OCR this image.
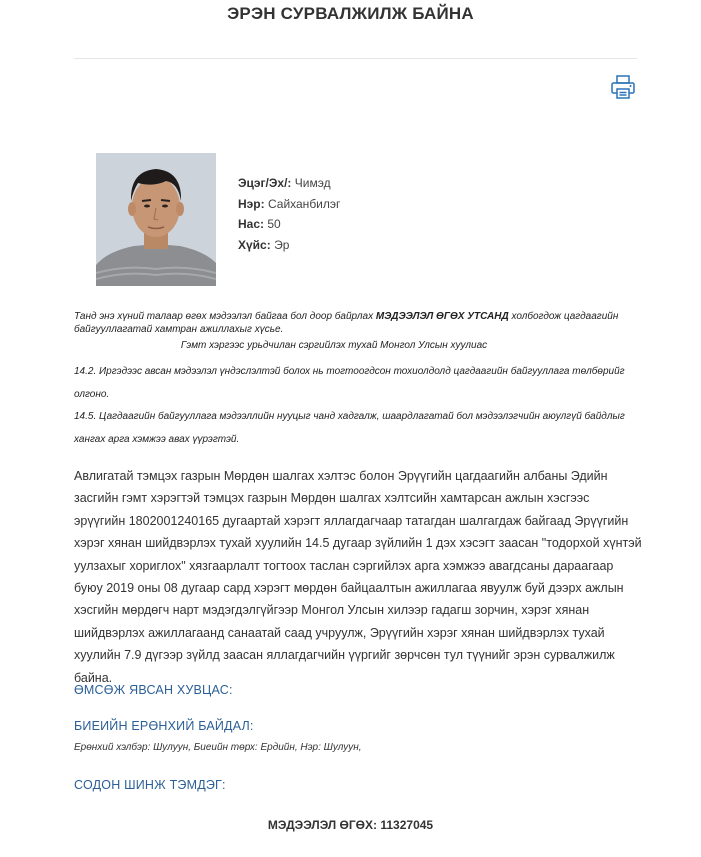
ЭРЭН СУРВАЛЖИЛЖ БАЙНА
Эцэг/Эх/: Чимэд
Нэр: Сайханбилэг
Нас: 50
Хүйс: Эр
Танд энэ хүний талаар өгөх мэдээлэл байгаа бол доор байрлах МЭДЭЭЛЭЛ ӨГӨХ УТСАНД холбогдож цагдаагийн байгууллагатай хамтран ажиллахыг хүсье.
Гэмт хэргээс урьдчилан сэргийлэх тухай Монгол Улсын хуулиас
14.2. Иргэдээс авсан мэдээлэл үндэслэлтэй болох нь тогтоогдсон тохиолдолд цагдаагийн байгууллага төлбөрийг олгоно.
14.5. Цагдаагийн байгууллага мэдээллийн нууцыг чанд хадгалж, шаардлагатай бол мэдээлэгчийн аюулгүй байдлыг хангах арга хэмжээ авах үүрэгтэй.
Авлигатай тэмцэх газрын Мөрдөн шалгах хэлтэс болон Эрүүгийн цагдаагийн албаны Эдийн засгийн гэмт хэрэгтэй тэмцэх газрын Мөрдөн шалгах хэлтсийн хамтарсан ажлын хэсгээс эрүүгийн 1802001240165 дугаартай хэрэгт яллагдагчаар татагдан шалгагдаж байгаад Эрүүгийн хэрэг хянан шийдвэрлэх тухай хуулийн 14.5 дугаар зүйлийн 1 дэх хэсэгт заасан "тодорхой хүнтэй уулзахыг хориглох" хязгаарлалт тогтоох таслан сэргийлэх арга хэмжээ авагдсаны дараагаар буюу 2019 оны 08 дугаар сард хэрэгт мөрдөн байцаалтын ажиллагаа явуулж буй дээрх ажлын хэсгийн мөрдөгч нарт мэдэгдэлгүйгээр Монгол Улсын хилээр гадагш зорчин, хэрэг хянан шийдвэрлэх ажиллагаанд санаатай саад учруулж, Эрүүгийн хэрэг хянан шийдвэрлэх тухай хуулийн 7.9 дүгээр зүйлд заасан яллагдагчийн үүргийг зөрчсөн тул түүнийг эрэн сурвалжилж байна.
ӨМСӨЖ ЯВСАН ХУВЦАС:
БИЕИЙН ЕРӨНХИЙ БАЙДАЛ:
Ерөнхий хэлбэр: Шулуун, Биеийн төрх: Ердийн, Нэр: Шулуун,
СОДОН ШИНЖ ТЭМДЭГ:
МЭДЭЭЛЭЛ ӨГӨХ: 11327045
